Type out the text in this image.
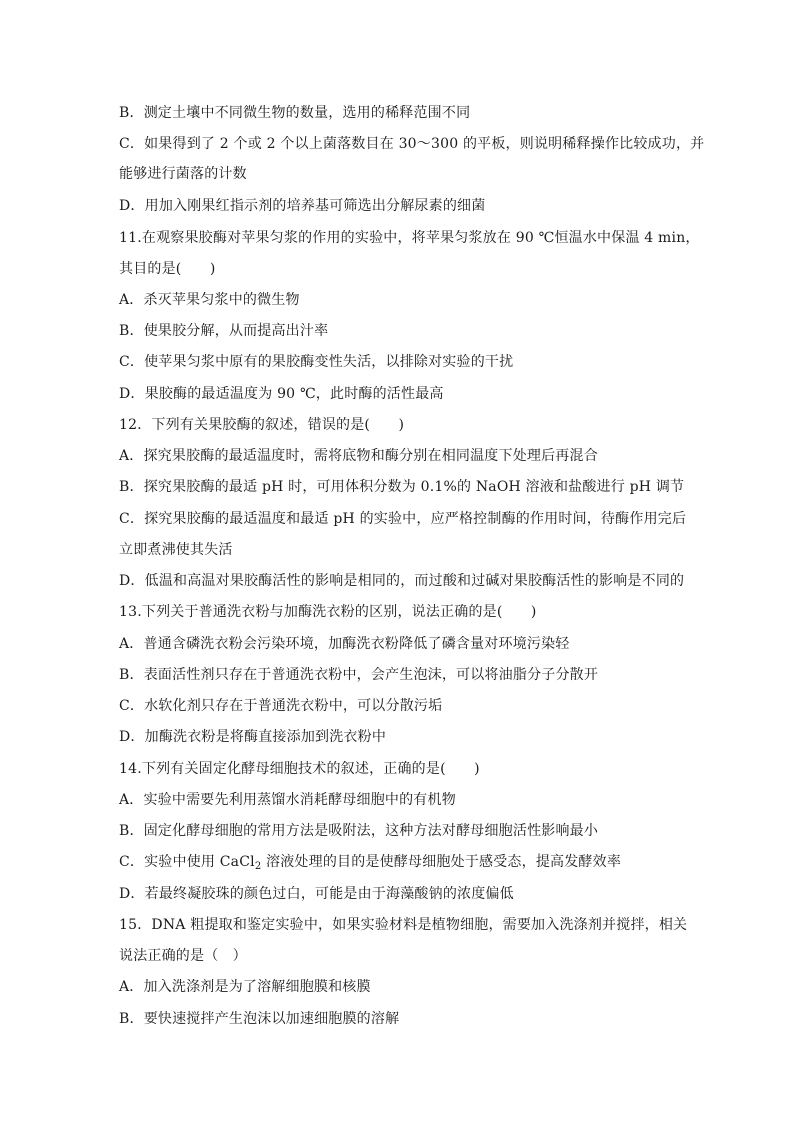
B．测定土壤中不同微生物的数量，选用的稀释范围不同
C．如果得到了 2 个或 2 个以上菌落数目在 30～300 的平板，则说明稀释操作比较成功，并
能够进行菌落的计数
D．用加入刚果红指示剂的培养基可筛选出分解尿素的细菌
11.在观察果胶酶对苹果匀浆的作用的实验中，将苹果匀浆放在 90 ℃恒温水中保温 4 min，
其目的是(　　)
A．杀灭苹果匀浆中的微生物
B．使果胶分解，从而提高出汁率
C．使苹果匀浆中原有的果胶酶变性失活，以排除对实验的干扰
D．果胶酶的最适温度为 90 ℃，此时酶的活性最高
12．下列有关果胶酶的叙述，错误的是(　　)
A．探究果胶酶的最适温度时，需将底物和酶分别在相同温度下处理后再混合
B．探究果胶酶的最适 pH 时，可用体积分数为 0.1%的 NaOH 溶液和盐酸进行 pH 调节
C．探究果胶酶的最适温度和最适 pH 的实验中，应严格控制酶的作用时间，待酶作用完后
立即煮沸使其失活
D．低温和高温对果胶酶活性的影响是相同的，而过酸和过碱对果胶酶活性的影响是不同的
13.下列关于普通洗衣粉与加酶洗衣粉的区别，说法正确的是(　　)
A．普通含磷洗衣粉会污染环境，加酶洗衣粉降低了磷含量对环境污染轻
B．表面活性剂只存在于普通洗衣粉中，会产生泡沫，可以将油脂分子分散开
C．水软化剂只存在于普通洗衣粉中，可以分散污垢
D．加酶洗衣粉是将酶直接添加到洗衣粉中
14.下列有关固定化酵母细胞技术的叙述，正确的是(　　)
A．实验中需要先利用蒸馏水消耗酵母细胞中的有机物
B．固定化酵母细胞的常用方法是吸附法，这种方法对酵母细胞活性影响最小
C．实验中使用 CaCl$_2$ 溶液处理的目的是使酵母细胞处于感受态，提高发酵效率
D．若最终凝胶珠的颜色过白，可能是由于海藻酸钠的浓度偏低
15．DNA 粗提取和鉴定实验中，如果实验材料是植物细胞，需要加入洗涤剂并搅拌，相关
说法正确的是（　）
A．加入洗涤剂是为了溶解细胞膜和核膜
B．要快速搅拌产生泡沫以加速细胞膜的溶解
